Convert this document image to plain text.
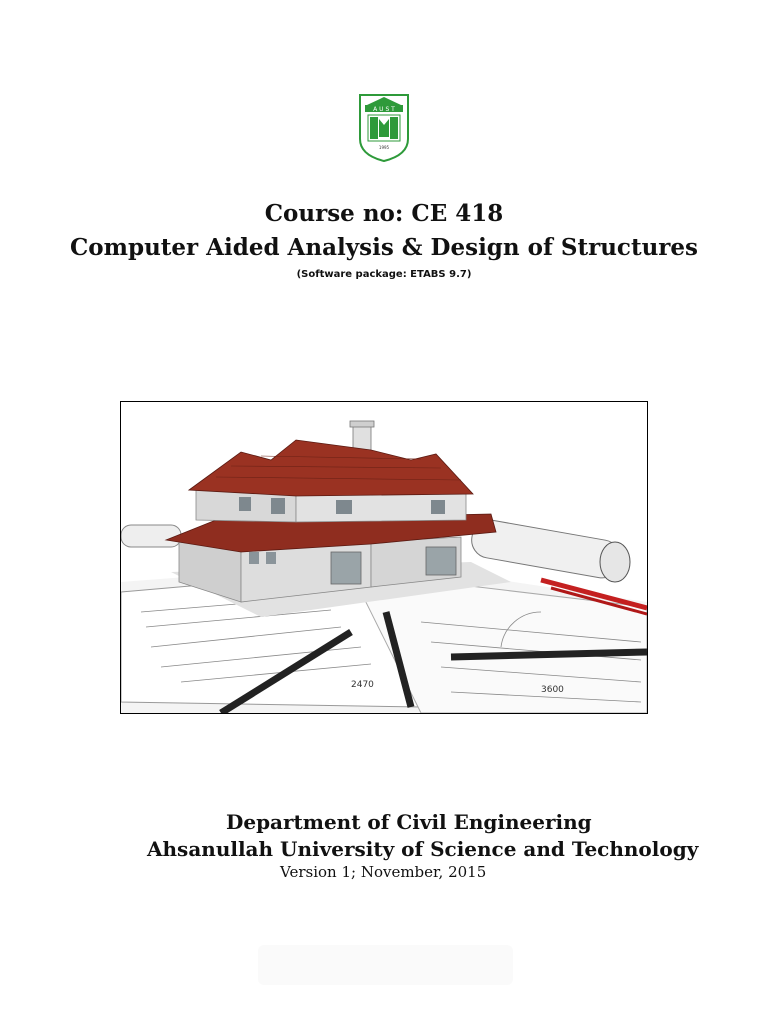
A U S T
1995
Course no: CE 418
Computer Aided Analysis & Design of Structures
(Software package: ETABS 9.7)
3600
2470
Department of Civil Engineering
Ahsanullah University of Science and Technology
Version 1; November, 2015
